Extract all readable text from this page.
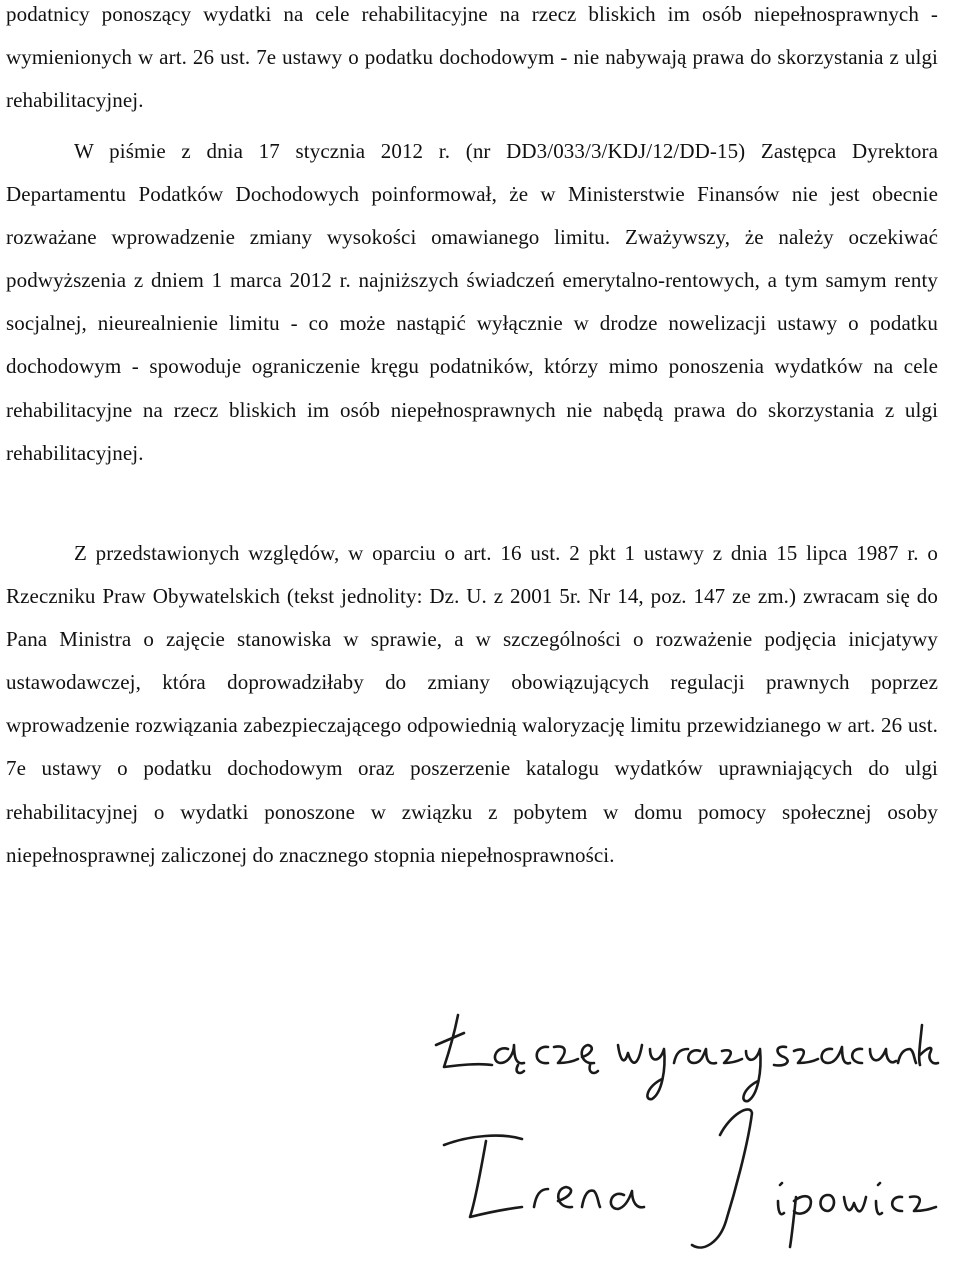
podatnicy ponoszący wydatki na cele rehabilitacyjne na rzecz bliskich im osób niepełnosprawnych - wymienionych w art. 26 ust. 7e ustawy o podatku dochodowym - nie nabywają prawa do skorzystania z ulgi rehabilitacyjnej.

W piśmie z dnia 17 stycznia 2012 r. (nr DD3/033/3/KDJ/12/DD-15) Zastępca Dyrektora Departamentu Podatków Dochodowych poinformował, że w Ministerstwie Finansów nie jest obecnie rozważane wprowadzenie zmiany wysokości omawianego limitu. Zważywszy, że należy oczekiwać podwyższenia z dniem 1 marca 2012 r. najniższych świadczeń emerytalno-rentowych, a tym samym renty socjalnej, nieurealnienie limitu - co może nastąpić wyłącznie w drodze nowelizacji ustawy o podatku dochodowym - spowoduje ograniczenie kręgu podatników, którzy mimo ponoszenia wydatków na cele rehabilitacyjne na rzecz bliskich im osób niepełnosprawnych nie nabędą prawa do skorzystania z ulgi rehabilitacyjnej.

Z przedstawionych względów, w oparciu o art. 16 ust. 2 pkt 1 ustawy z dnia 15 lipca 1987 r. o Rzeczniku Praw Obywatelskich (tekst jednolity: Dz. U. z 2001 5r. Nr 14, poz. 147 ze zm.) zwracam się do Pana Ministra o zajęcie stanowiska w sprawie, a w szczególności o rozważenie podjęcia inicjatywy ustawodawczej, która doprowadziłaby do zmiany obowiązujących regulacji prawnych poprzez wprowadzenie rozwiązania zabezpieczającego odpowiednią waloryzację limitu przewidzianego w art. 26 ust. 7e ustawy o podatku dochodowym oraz poszerzenie katalogu wydatków uprawniających do ulgi rehabilitacyjnej o wydatki ponoszone w związku z pobytem w domu pomocy społecznej osoby niepełnosprawnej zaliczonej do znacznego stopnia niepełnosprawności.
